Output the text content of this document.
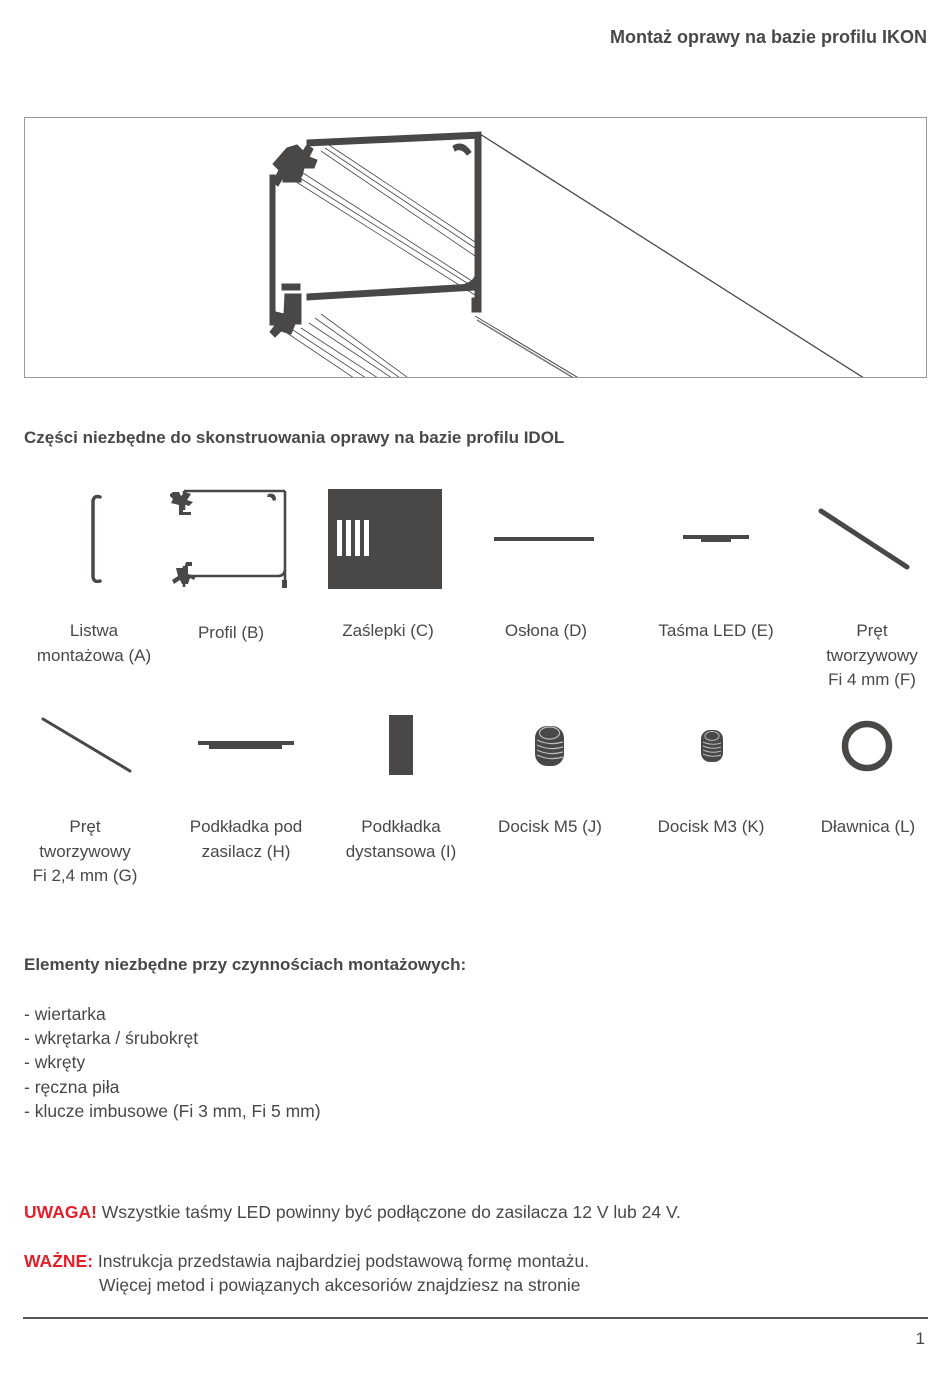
Montaż oprawy na bazie profilu IKON
Części niezbędne do skonstruowania oprawy na bazie profilu IDOL
Listwa
montażowa (A)
Profil (B)	Zaślepki (C)	Osłona (D)	Taśma LED (E)	Pręt
tworzywowy
Fi 4 mm (F)
Pręt
tworzywowy
Fi 2,4 mm (G)
Podkładka pod
zasilacz (H)
Podkładka
dystansowa (I)
Docisk M5 (J)	Docisk M3 (K)	Dławnica (L)
Elementy niezbędne przy czynnościach montażowych:
- wiertarka
- wkrętarka / śrubokręt
- wkręty
- ręczna piła
- klucze imbusowe (Fi 3 mm, Fi 5 mm)
UWAGA! Wszystkie taśmy LED powinny być podłączone do zasilacza 12 V lub 24 V.
WAŻNE: Instrukcja przedstawia najbardziej podstawową formę montażu.
Więcej metod i powiązanych akcesoriów znajdziesz na stronie
1
